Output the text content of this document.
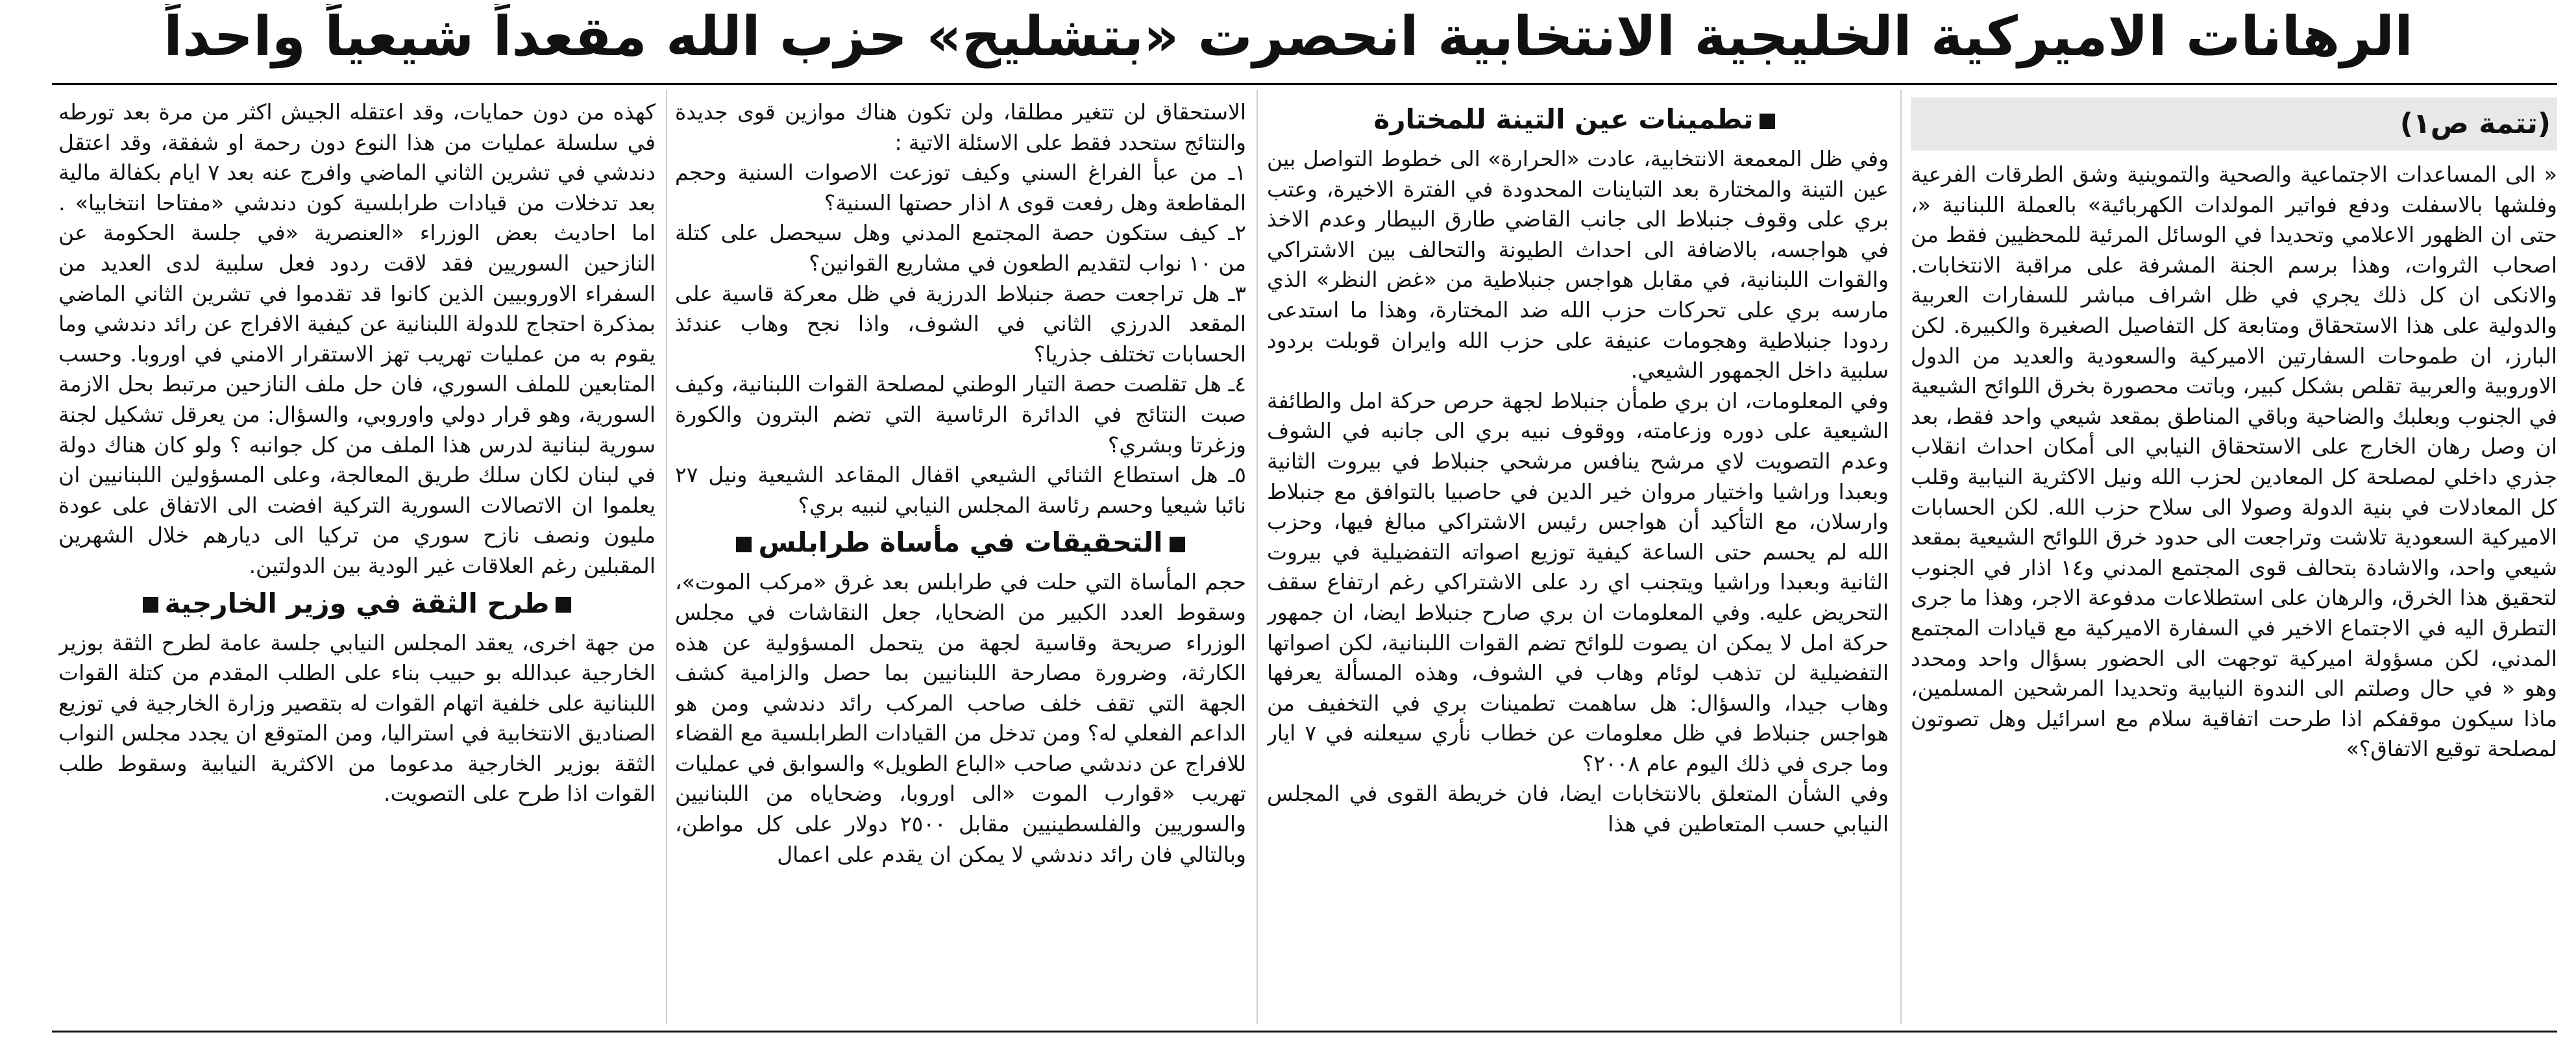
الرهانات الاميركية الخليجية الانتخابية انحصرت «بتشليح» حزب الله مقعداً شيعياً واحداً
(تتمة ص١)

« الى المساعدات الاجتماعية والصحية والتموينية وشق الطرقات الفرعية وفلشها بالاسفلت ودفع فواتير المولدات الكهربائية» بالعملة اللبنانية «، حتى ان الظهور الاعلامي وتحديدا في الوسائل المرئية للمحظيين فقط من اصحاب الثروات، وهذا برسم الجنة المشرفة على مراقبة الانتخابات. والانكى ان كل ذلك يجري في ظل اشراف مباشر للسفارات العربية والدولية على هذا الاستحقاق ومتابعة كل التفاصيل الصغيرة والكبيرة. لكن البارز، ان طموحات السفارتين الاميركية والسعودية والعديد من الدول الاوروبية والعربية تقلص بشكل كبير، وباتت محصورة بخرق اللوائح الشيعية في الجنوب وبعلبك والضاحية وباقي المناطق بمقعد شيعي واحد فقط، بعد ان وصل رهان الخارج على الاستحقاق النيابي الى أمكان احداث انقلاب جذري داخلي لمصلحة كل المعادين لحزب الله ونيل الاكثرية النيابية وقلب كل المعادلات في بنية الدولة وصولا الى سلاح حزب الله. لكن الحسابات الاميركية السعودية تلاشت وتراجعت الى حدود خرق اللوائح الشيعية بمقعد شيعي واحد، والاشادة بتحالف قوى المجتمع المدني و١٤ اذار في الجنوب لتحقيق هذا الخرق، والرهان على استطلاعات مدفوعة الاجر، وهذا ما جرى التطرق اليه في الاجتماع الاخير في السفارة الاميركية مع قيادات المجتمع المدني، لكن مسؤولة اميركية توجهت الى الحضور بسؤال واحد ومحدد وهو « في حال وصلتم الى الندوة النيابية وتحديدا المرشحين المسلمين، ماذا سيكون موقفكم اذا طرحت اتفاقية سلام مع اسرائيل وهل تصوتون لمصلحة توقيع الاتفاق؟»

تطمينات عين التينة للمختارة

وفي ظل المعمعة الانتخابية، عادت «الحرارة» الى خطوط التواصل بين عين التينة والمختارة بعد التباينات المحدودة في الفترة الاخيرة، وعتب بري على وقوف جنبلاط الى جانب القاضي طارق البيطار وعدم الاخذ في هواجسه، بالاضافة الى احداث الطيونة والتحالف بين الاشتراكي والقوات اللبنانية، في مقابل هواجس جنبلاطية من «غض النظر» الذي مارسه بري على تحركات حزب الله ضد المختارة، وهذا ما استدعى ردودا جنبلاطية وهجومات عنيفة على حزب الله وايران قوبلت بردود سلبية داخل الجمهور الشيعي.

وفي المعلومات، ان بري طمأن جنبلاط لجهة حرص حركة امل والطائفة الشيعية على دوره وزعامته، ووقوف نبيه بري الى جانبه في الشوف وعدم التصويت لاي مرشح ينافس مرشحي جنبلاط في بيروت الثانية وبعبدا وراشيا واختيار مروان خير الدين في حاصبيا بالتوافق مع جنبلاط وارسلان، مع التأكيد أن هواجس رئيس الاشتراكي مبالغ فيها، وحزب الله لم يحسم حتى الساعة كيفية توزيع اصواته التفضيلية في بيروت الثانية وبعبدا وراشيا ويتجنب اي رد على الاشتراكي رغم ارتفاع سقف التحريض عليه. وفي المعلومات ان بري صارح جنبلاط ايضا، ان جمهور حركة امل لا يمكن ان يصوت للوائح تضم القوات اللبنانية، لكن اصواتها التفضيلية لن تذهب لوئام وهاب في الشوف، وهذه المسألة يعرفها وهاب جيدا، والسؤال: هل ساهمت تطمينات بري في التخفيف من هواجس جنبلاط في ظل معلومات عن خطاب نأري سيعلنه في ٧ ايار وما جرى في ذلك اليوم عام ٢٠٠٨؟

وفي الشأن المتعلق بالانتخابات ايضا، فان خريطة القوى في المجلس النيابي حسب المتعاطين في هذا

الاستحقاق لن تتغير مطلقا، ولن تكون هناك موازين قوى جديدة والنتائج ستحدد فقط على الاسئلة الاتية :

١ـ من عبأ الفراغ السني وكيف توزعت الاصوات السنية وحجم المقاطعة وهل رفعت قوى ٨ اذار حصتها السنية؟

٢ـ كيف ستكون حصة المجتمع المدني وهل سيحصل على كتلة من ١٠ نواب لتقديم الطعون في مشاريع القوانين؟

٣ـ هل تراجعت حصة جنبلاط الدرزية في ظل معركة قاسية على المقعد الدرزي الثاني في الشوف، واذا نجح وهاب عندئذ الحسابات تختلف جذريا؟

٤ـ هل تقلصت حصة التيار الوطني لمصلحة القوات اللبنانية، وكيف صبت النتائج في الدائرة الرئاسية التي تضم البترون والكورة وزغرتا وبشري؟

٥ـ هل استطاع الثنائي الشيعي اقفال المقاعد الشيعية ونيل ٢٧ نائبا شيعيا وحسم رئاسة المجلس النيابي لنبيه بري؟

التحقيقات في مأساة طرابلس

حجم المأساة التي حلت في طرابلس بعد غرق «مركب الموت»، وسقوط العدد الكبير من الضحايا، جعل النقاشات في مجلس الوزراء صريحة وقاسية لجهة من يتحمل المسؤولية عن هذه الكارثة، وضرورة مصارحة اللبنانيين بما حصل والزامية كشف الجهة التي تقف خلف صاحب المركب رائد دندشي ومن هو الداعم الفعلي له؟ ومن تدخل من القيادات الطرابلسية مع القضاء للافراج عن دندشي صاحب «الباع الطويل» والسوابق في عمليات تهريب «قوارب الموت «الى اوروبا، وضحاياه من اللبنانيين والسوريين والفلسطينيين مقابل ٢٥٠٠ دولار على كل مواطن، وبالتالي فان رائد دندشي لا يمكن ان يقدم على اعمال

كهذه من دون حمايات، وقد اعتقله الجيش اكثر من مرة بعد تورطه في سلسلة عمليات من هذا النوع دون رحمة او شفقة، وقد اعتقل دندشي في تشرين الثاني الماضي وافرج عنه بعد ٧ ايام بكفالة مالية بعد تدخلات من قيادات طرابلسية كون دندشي «مفتاحا انتخابيا» . اما احاديث بعض الوزراء «العنصرية «في جلسة الحكومة عن النازحين السوريين فقد لاقت ردود فعل سلبية لدى العديد من السفراء الاوروبيين الذين كانوا قد تقدموا في تشرين الثاني الماضي بمذكرة احتجاج للدولة اللبنانية عن كيفية الافراج عن رائد دندشي وما يقوم به من عمليات تهريب تهز الاستقرار الامني في اوروبا. وحسب المتابعين للملف السوري، فان حل ملف النازحين مرتبط بحل الازمة السورية، وهو قرار دولي واوروبي، والسؤال: من يعرقل تشكيل لجنة سورية لبنانية لدرس هذا الملف من كل جوانبه ؟ ولو كان هناك دولة في لبنان لكان سلك طريق المعالجة، وعلى المسؤولين اللبنانيين ان يعلموا ان الاتصالات السورية التركية افضت الى الاتفاق على عودة مليون ونصف نازح سوري من تركيا الى ديارهم خلال الشهرين المقبلين رغم العلاقات غير الودية بين الدولتين.

طرح الثقة في وزير الخارجية

من جهة اخرى، يعقد المجلس النيابي جلسة عامة لطرح الثقة بوزير الخارجية عبدالله بو حبيب بناء على الطلب المقدم من كتلة القوات اللبنانية على خلفية اتهام القوات له بتقصير وزارة الخارجية في توزيع الصناديق الانتخابية في استراليا، ومن المتوقع ان يجدد مجلس النواب الثقة بوزير الخارجية مدعوما من الاكثرية النيابية وسقوط طلب القوات اذا طرح على التصويت.
